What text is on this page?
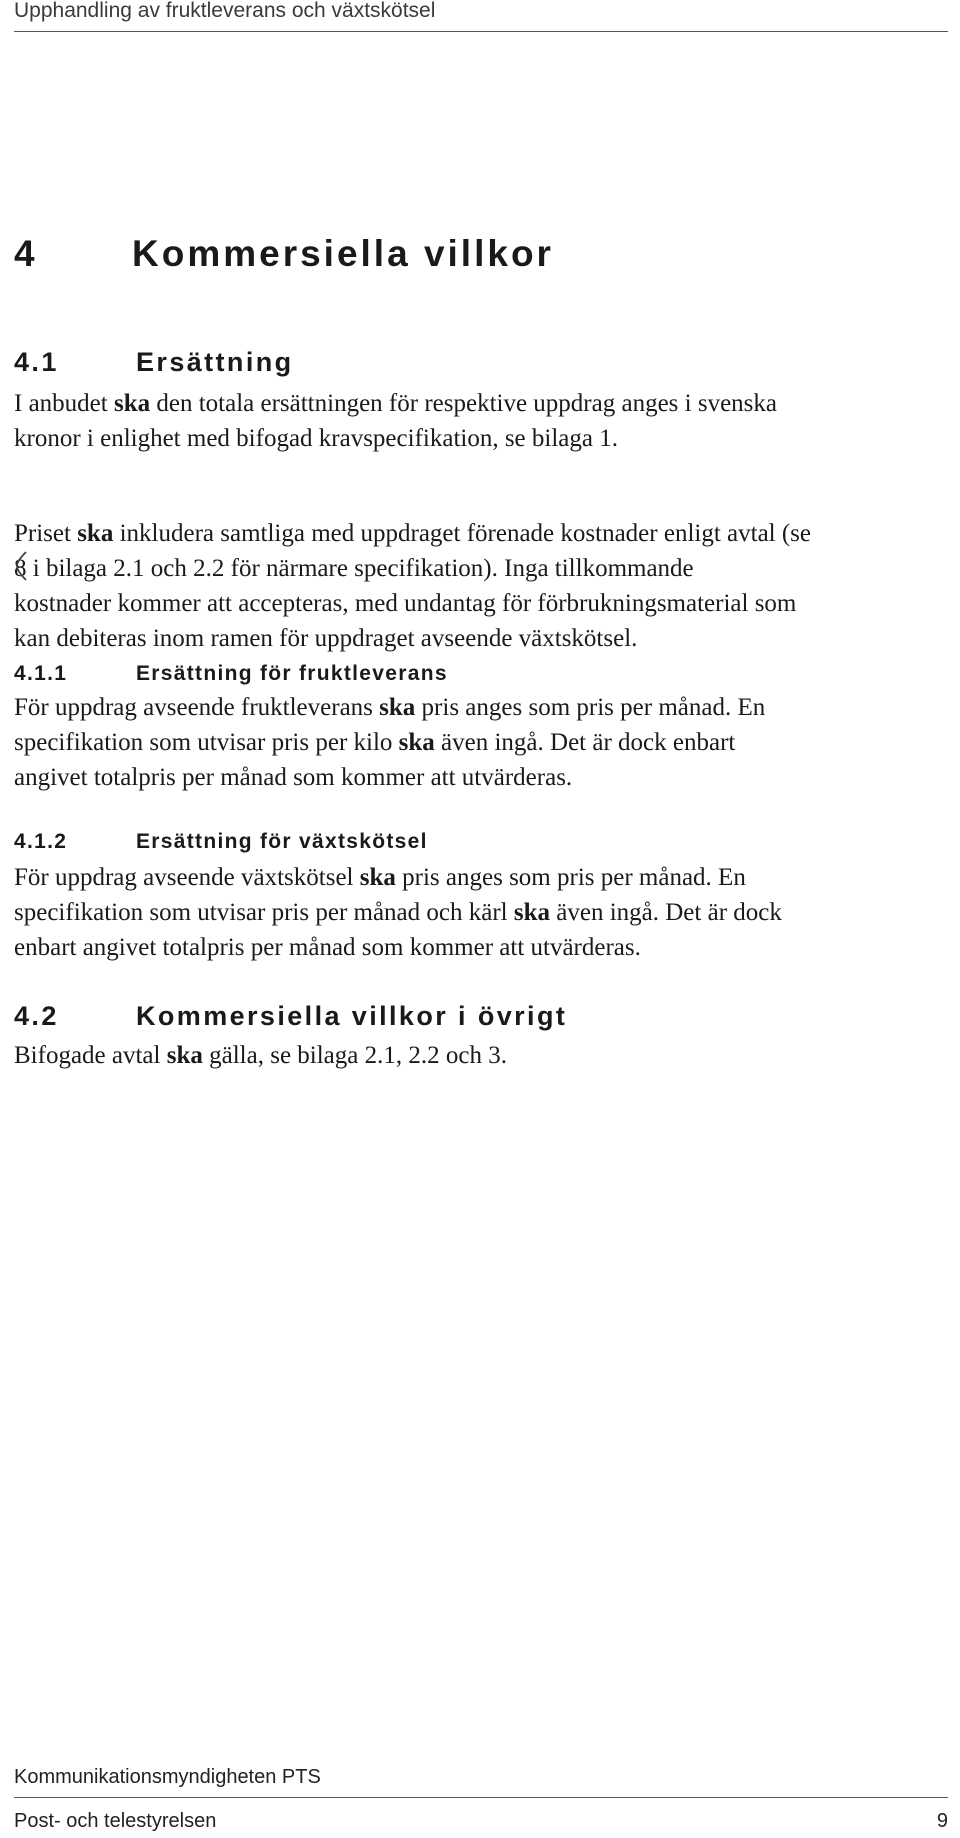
Upphandling av fruktleverans och växtskötsel
4	Kommersiella villkor
4.1	Ersättning

I anbudet ska den totala ersättningen för respektive uppdrag anges i svenska
kronor i enlighet med bifogad kravspecifikation, se bilaga 1.

Priset ska inkludera samtliga med uppdraget förenade kostnader enligt avtal (se
8 i bilaga 2.1 och 2.2 för närmare specifikation). Inga tillkommande
kostnader kommer att accepteras, med undantag för förbrukningsmaterial som
kan debiteras inom ramen för uppdraget avseende växtskötsel.

4.1.1	Ersättning för fruktleverans

För uppdrag avseende fruktleverans ska pris anges som pris per månad. En
specifikation som utvisar pris per kilo ska även ingå. Det är dock enbart
angivet totalpris per månad som kommer att utvärderas.

4.1.2	Ersättning för växtskötsel

För uppdrag avseende växtskötsel ska pris anges som pris per månad. En
specifikation som utvisar pris per månad och kärl ska även ingå. Det är dock
enbart angivet totalpris per månad som kommer att utvärderas.

4.2	Kommersiella villkor i övrigt

Bifogade avtal ska gälla, se bilaga 2.1, 2.2 och 3.

Kommunikationsmyndigheten PTS
Post- och telestyrelsen	9
